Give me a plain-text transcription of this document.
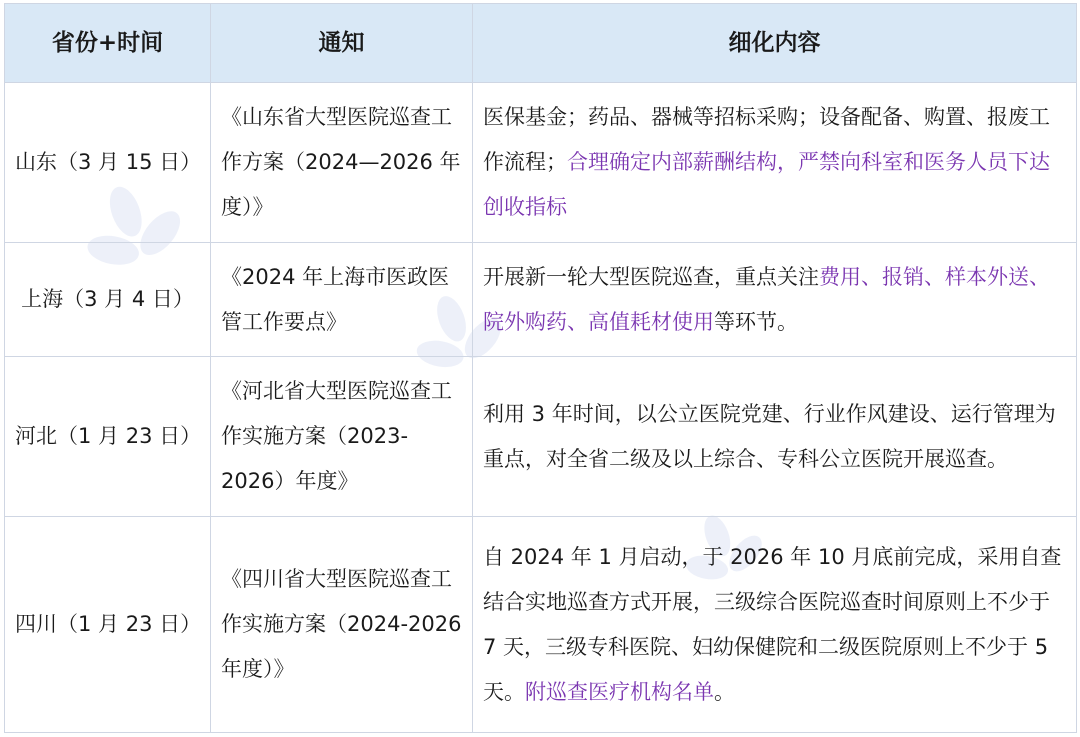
省份+时间	通知	细化内容
山东（3 月 15 日）	《山东省大型医院巡查工作方案（2024—2026 年度）》	医保基金；药品、器械等招标采购；设备配备、购置、报废工作流程；合理确定内部薪酬结构，严禁向科室和医务人员下达创收指标
上海（3 月 4 日）	《2024 年上海市医政医管工作要点》	开展新一轮大型医院巡查，重点关注费用、报销、样本外送、院外购药、高值耗材使用等环节。
河北（1 月 23 日）	《河北省大型医院巡查工作实施方案（2023-2026）年度》	利用 3 年时间，以公立医院党建、行业作风建设、运行管理为重点，对全省二级及以上综合、专科公立医院开展巡查。
四川（1 月 23 日）	《四川省大型医院巡查工作实施方案（2024-2026 年度）》	自 2024 年 1 月启动，于 2026 年 10 月底前完成，采用自查结合实地巡查方式开展，三级综合医院巡查时间原则上不少于 7 天，三级专科医院、妇幼保健院和二级医院原则上不少于 5 天。附巡查医疗机构名单。
